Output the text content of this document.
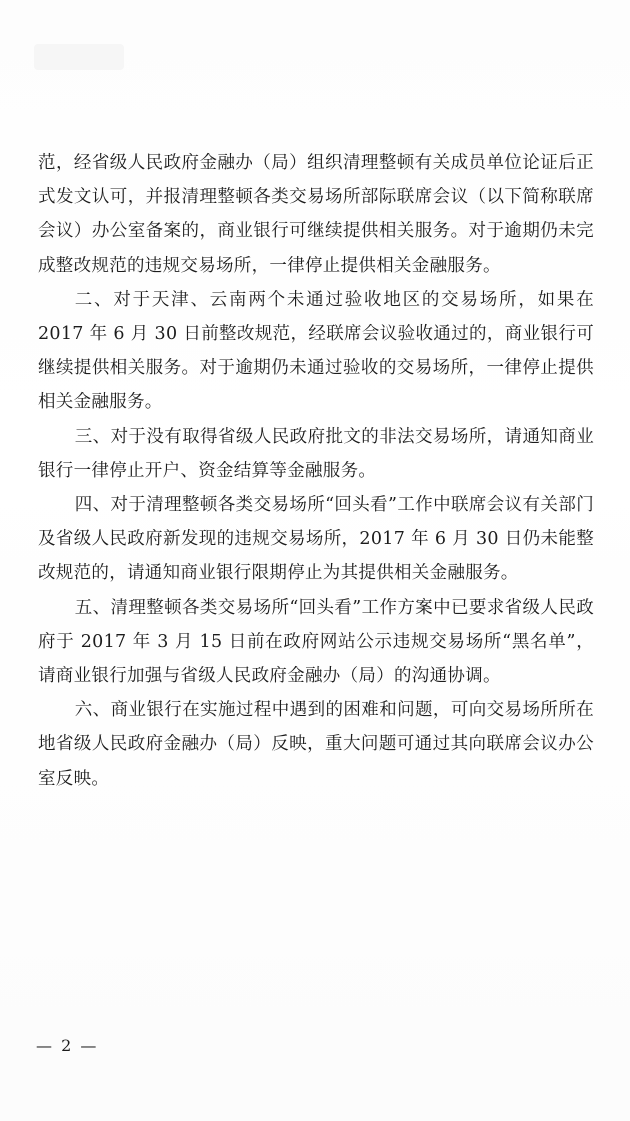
范，经省级人民政府金融办（局）组织清理整顿有关成员单位论证后正式发文认可，并报清理整顿各类交易场所部际联席会议（以下简称联席会议）办公室备案的，商业银行可继续提供相关服务。对于逾期仍未完成整改规范的违规交易场所，一律停止提供相关金融服务。

二、对于天津、云南两个未通过验收地区的交易场所，如果在 2017 年 6 月 30 日前整改规范，经联席会议验收通过的，商业银行可继续提供相关服务。对于逾期仍未通过验收的交易场所，一律停止提供相关金融服务。

三、对于没有取得省级人民政府批文的非法交易场所，请通知商业银行一律停止开户、资金结算等金融服务。

四、对于清理整顿各类交易场所“回头看”工作中联席会议有关部门及省级人民政府新发现的违规交易场所，2017 年 6 月 30 日仍未能整改规范的，请通知商业银行限期停止为其提供相关金融服务。

五、清理整顿各类交易场所“回头看”工作方案中已要求省级人民政府于 2017 年 3 月 15 日前在政府网站公示违规交易场所“黑名单”，请商业银行加强与省级人民政府金融办（局）的沟通协调。

六、商业银行在实施过程中遇到的困难和问题，可向交易场所所在地省级人民政府金融办（局）反映，重大问题可通过其向联席会议办公室反映。

— 2 —
